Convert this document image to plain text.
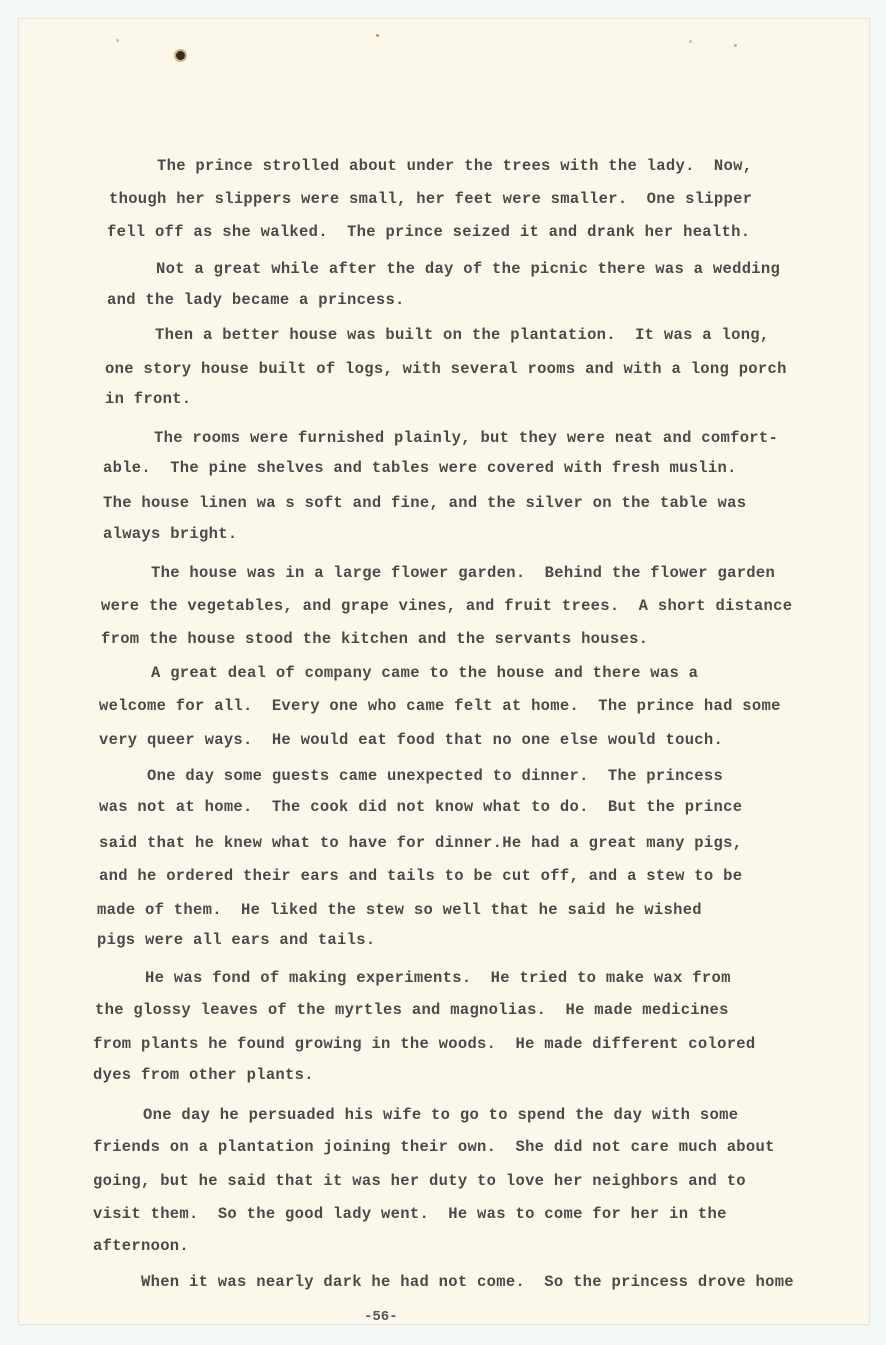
The prince strolled about under the trees with the lady.  Now,
though her slippers were small, her feet were smaller.  One slipper
fell off as she walked.  The prince seized it and drank her health.
Not a great while after the day of the picnic there was a wedding
and the lady became a princess.
Then a better house was built on the plantation.  It was a long,
one story house built of logs, with several rooms and with a long porch
in front.
The rooms were furnished plainly, but they were neat and comfort-
able.  The pine shelves and tables were covered with fresh muslin.
The house linen wa s soft and fine, and the silver on the table was
always bright.
The house was in a large flower garden.  Behind the flower garden
were the vegetables, and grape vines, and fruit trees.  A short distance
from the house stood the kitchen and the servants houses.
A great deal of company came to the house and there was a
welcome for all.  Every one who came felt at home.  The prince had some
very queer ways.  He would eat food that no one else would touch.
One day some guests came unexpected to dinner.  The princess
was not at home.  The cook did not know what to do.  But the prince
said that he knew what to have for dinner.He had a great many pigs,
and he ordered their ears and tails to be cut off, and a stew to be
made of them.  He liked the stew so well that he said he wished
pigs were all ears and tails.
He was fond of making experiments.  He tried to make wax from
the glossy leaves of the myrtles and magnolias.  He made medicines
from plants he found growing in the woods.  He made different colored
dyes from other plants.
One day he persuaded his wife to go to spend the day with some
friends on a plantation joining their own.  She did not care much about
going, but he said that it was her duty to love her neighbors and to
visit them.  So the good lady went.  He was to come for her in the
afternoon.
When it was nearly dark he had not come.  So the princess drove home
-56-
